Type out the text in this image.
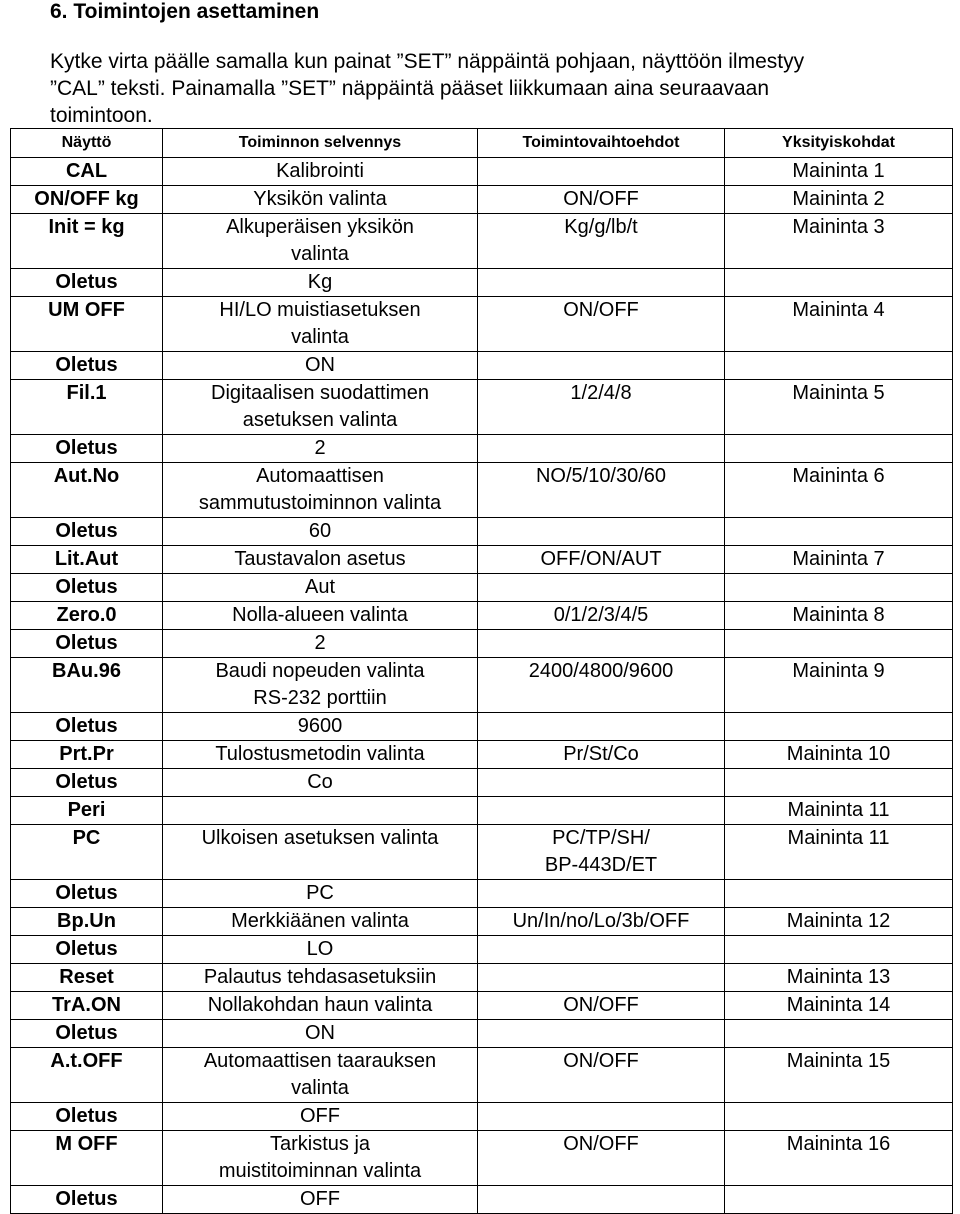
6. Toimintojen asettaminen
Kytke virta päälle samalla kun painat ”SET” näppäintä pohjaan, näyttöön ilmestyy
”CAL” teksti. Painamalla ”SET” näppäintä pääset liikkumaan aina seuraavaan
toimintoon.
Näyttö	Toiminnon selvennys	Toimintovaihtoehdot	Yksityiskohdat
CAL	Kalibrointi		Maininta 1
ON/OFF kg	Yksikön valinta	ON/OFF	Maininta 2
Init = kg	Alkuperäisen yksikön
valinta	Kg/g/lb/t	Maininta 3
Oletus	Kg		
UM OFF	HI/LO muistiasetuksen
valinta	ON/OFF	Maininta 4
Oletus	ON		
Fil.1	Digitaalisen suodattimen
asetuksen valinta	1/2/4/8	Maininta 5
Oletus	2		
Aut.No	Automaattisen
sammutustoiminnon valinta	NO/5/10/30/60	Maininta 6
Oletus	60		
Lit.Aut	Taustavalon asetus	OFF/ON/AUT	Maininta 7
Oletus	Aut		
Zero.0	Nolla-alueen valinta	0/1/2/3/4/5	Maininta 8
Oletus	2		
BAu.96	Baudi nopeuden valinta
RS-232 porttiin	2400/4800/9600	Maininta 9
Oletus	9600		
Prt.Pr	Tulostusmetodin valinta	Pr/St/Co	Maininta 10
Oletus	Co		
Peri			Maininta 11
PC	Ulkoisen asetuksen valinta	PC/TP/SH/
BP-443D/ET	Maininta 11
Oletus	PC		
Bp.Un	Merkkiäänen valinta	Un/In/no/Lo/3b/OFF	Maininta 12
Oletus	LO		
Reset	Palautus tehdasasetuksiin		Maininta 13
TrA.ON	Nollakohdan haun valinta	ON/OFF	Maininta 14
Oletus	ON		
A.t.OFF	Automaattisen taarauksen
valinta	ON/OFF	Maininta 15
Oletus	OFF		
M OFF	Tarkistus ja
muistitoiminnan valinta	ON/OFF	Maininta 16
Oletus	OFF		
